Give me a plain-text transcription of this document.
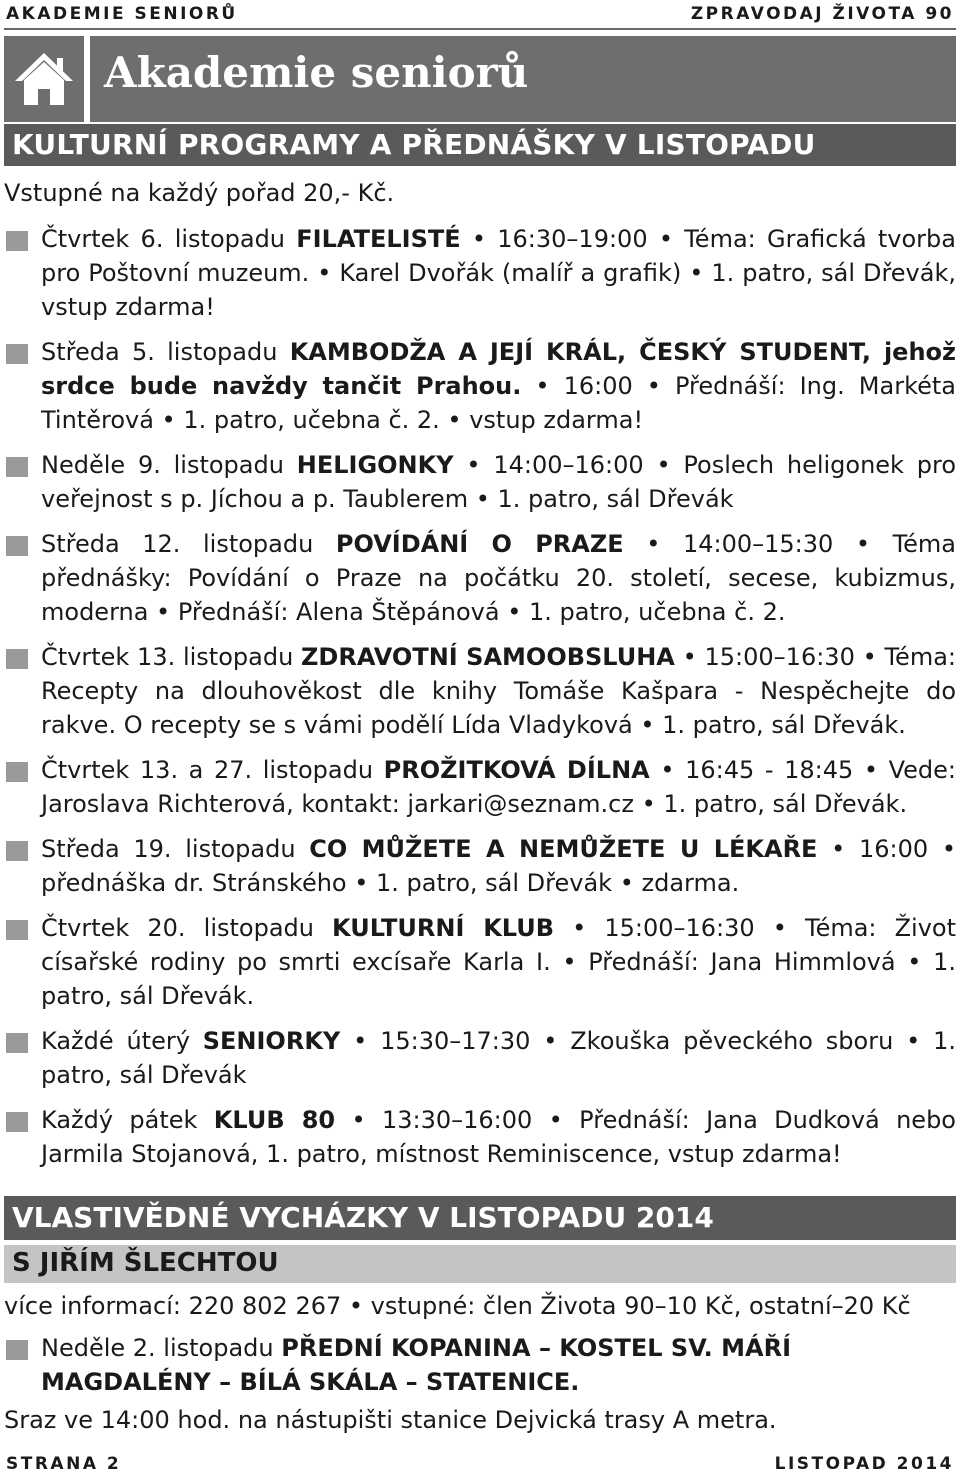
AKADEMIE SENIORŮ	ZPRAVODAJ ŽIVOTA 90
Akademie seniorů
KULTURNÍ PROGRAMY A PŘEDNÁŠKY V LISTOPADU
Vstupné na každý pořad 20,- Kč.
Čtvrtek 6. listopadu FILATELISTÉ • 16:30–19:00 • Téma: Grafická tvorba pro Poštovní muzeum. • Karel Dvořák (malíř a grafik) • 1. patro, sál Dřevák, vstup zdarma!
Středa 5. listopadu KAMBODŽA A JEJÍ KRÁL, ČESKÝ STUDENT, jehož srdce bude navždy tančit Prahou. • 16:00 • Přednáší: Ing. Markéta Tintěrová • 1. patro, učebna č. 2. • vstup zdarma!
Neděle 9. listopadu HELIGONKY • 14:00–16:00 • Poslech heligonek pro veřejnost s p. Jíchou a p. Taublerem • 1. patro, sál Dřevák
Středa 12. listopadu POVÍDÁNÍ O PRAZE • 14:00–15:30 • Téma přednášky: Povídání o Praze na počátku 20. století, secese, kubizmus, moderna • Přednáší: Alena Štěpánová • 1. patro, učebna č. 2.
Čtvrtek 13. listopadu ZDRAVOTNÍ SAMOOBSLUHA • 15:00–16:30 • Téma: Recepty na dlouhověkost dle knihy Tomáše Kašpara - Nespěchejte do rakve. O recepty se s vámi podělí Lída Vladyková • 1. patro, sál Dřevák.
Čtvrtek 13. a 27. listopadu PROŽITKOVÁ DÍLNA • 16:45 - 18:45 • Vede: Jaroslava Richterová, kontakt: jarkari@seznam.cz • 1. patro, sál Dřevák.
Středa 19. listopadu CO MŮŽETE A NEMŮŽETE U LÉKAŘE • 16:00 • přednáška dr. Stránského • 1. patro, sál Dřevák • zdarma.
Čtvrtek 20. listopadu KULTURNÍ KLUB • 15:00–16:30 • Téma: Život císařské rodiny po smrti excísaře Karla I. • Přednáší: Jana Himmlová • 1. patro, sál Dřevák.
Každé úterý SENIORKY • 15:30–17:30 • Zkouška pěveckého sboru • 1. patro, sál Dřevák
Každý pátek KLUB 80 • 13:30–16:00 • Přednáší: Jana Dudková nebo Jarmila Stojanová, 1. patro, místnost Reminiscence, vstup zdarma!
VLASTIVĚDNÉ VYCHÁZKY V LISTOPADU 2014
S JIŘÍM ŠLECHTOU
více informací: 220 802 267 • vstupné: člen Života 90–10 Kč, ostatní–20 Kč
Neděle 2. listopadu PŘEDNÍ KOPANINA – KOSTEL SV. MÁŘÍ MAGDALÉNY – BÍLÁ SKÁLA – STATENICE.
Sraz ve 14:00 hod. na nástupišti stanice Dejvická trasy A metra.
STRANA 2	LISTOPAD 2014
